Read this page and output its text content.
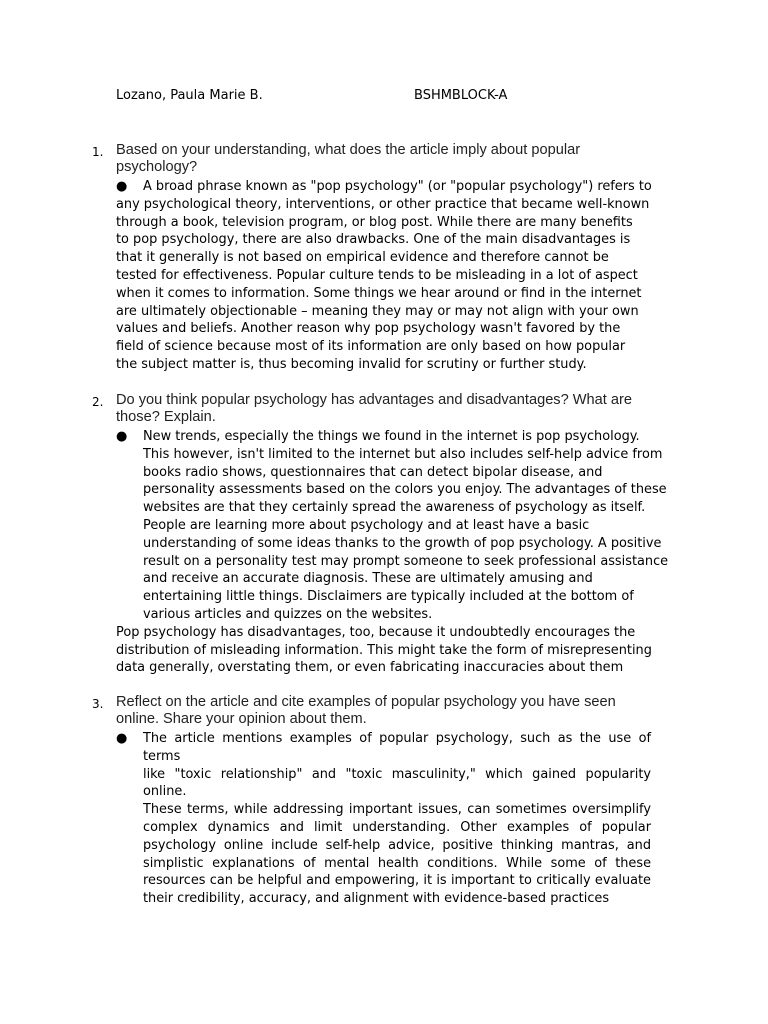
Lozano, Paula Marie B.	BSHMBLOCK-A
1. Based on your understanding, what does the article imply about popular psychology?
● A broad phrase known as "pop psychology" (or "popular psychology") refers to
any psychological theory, interventions, or other practice that became well-known
through a book, television program, or blog post. While there are many benefits
to pop psychology, there are also drawbacks. One of the main disadvantages is
that it generally is not based on empirical evidence and therefore cannot be
tested for effectiveness. Popular culture tends to be misleading in a lot of aspect
when it comes to information. Some things we hear around or find in the internet
are ultimately objectionable – meaning they may or may not align with your own
values and beliefs. Another reason why pop psychology wasn't favored by the
field of science because most of its information are only based on how popular
the subject matter is, thus becoming invalid for scrutiny or further study.
2. Do you think popular psychology has advantages and disadvantages? What are those? Explain.
● New trends, especially the things we found in the internet is pop psychology.
This however, isn't limited to the internet but also includes self-help advice from
books radio shows, questionnaires that can detect bipolar disease, and
personality assessments based on the colors you enjoy. The advantages of these
websites are that they certainly spread the awareness of psychology as itself.
People are learning more about psychology and at least have a basic
understanding of some ideas thanks to the growth of pop psychology. A positive
result on a personality test may prompt someone to seek professional assistance
and receive an accurate diagnosis. These are ultimately amusing and
entertaining little things. Disclaimers are typically included at the bottom of
various articles and quizzes on the websites.
Pop psychology has disadvantages, too, because it undoubtedly encourages the
distribution of misleading information. This might take the form of misrepresenting
data generally, overstating them, or even fabricating inaccuracies about them
3. Reflect on the article and cite examples of popular psychology you have seen online. Share your opinion about them.
● The article mentions examples of popular psychology, such as the use of terms
like "toxic relationship" and "toxic masculinity," which gained popularity online.
These terms, while addressing important issues, can sometimes oversimplify
complex dynamics and limit understanding. Other examples of popular
psychology online include self-help advice, positive thinking mantras, and
simplistic explanations of mental health conditions. While some of these
resources can be helpful and empowering, it is important to critically evaluate
their credibility, accuracy, and alignment with evidence-based practices
